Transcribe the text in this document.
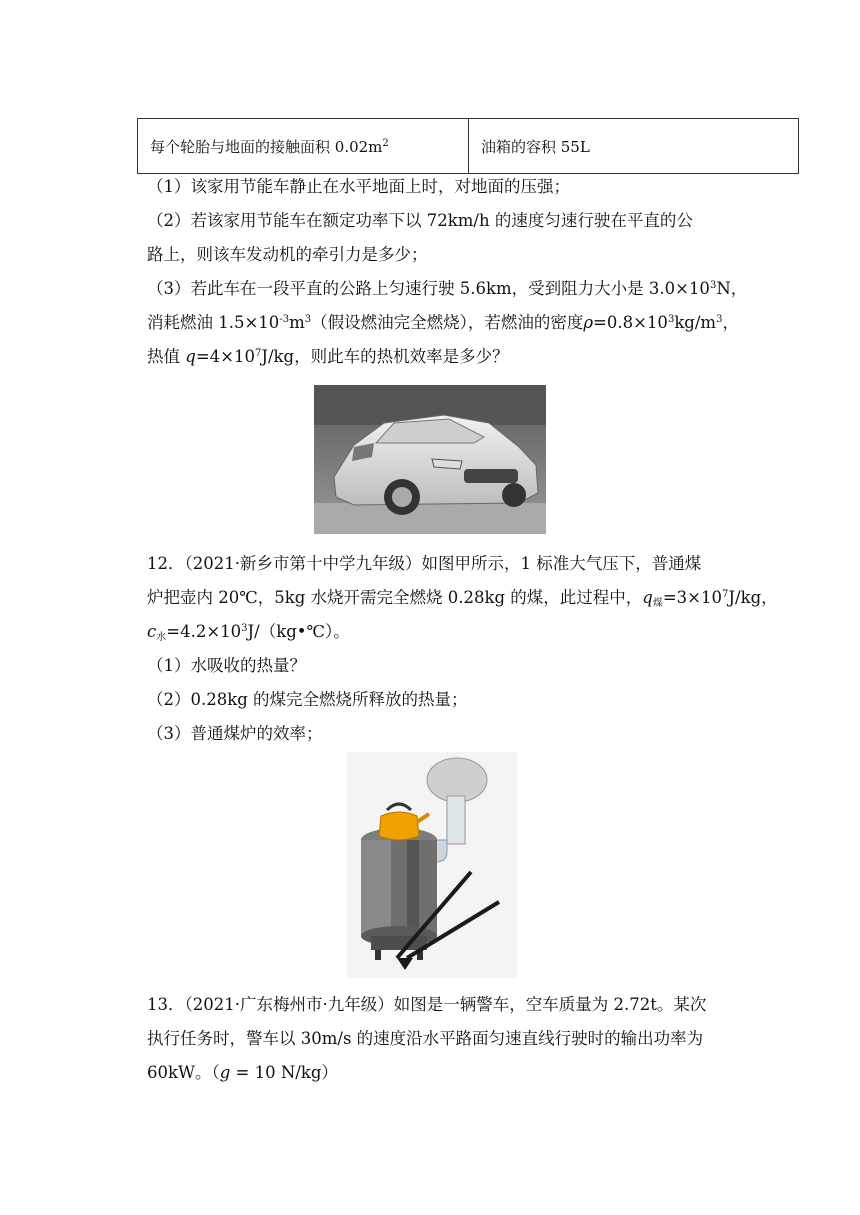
每个轮胎与地面的接触面积 $0.02m^2$	油箱的容积 55L
（1）该家用节能车静止在水平地面上时，对地面的压强；
（2）若该家用节能车在额定功率下以 72km/h 的速度匀速行驶在平直的公
路上，则该车发动机的牵引力是多少；
（3）若此车在一段平直的公路上匀速行驶 5.6km，受到阻力大小是 $3.0\times 10^3N$，
消耗燃油 $1.5\times 10^{-3}m^3$（假设燃油完全燃烧），若燃油的密度$\rho=0.8\times 10^3kg/m^3$，
热值 $q=4\times 10^7J/kg$，则此车的热机效率是多少？
12．（2021·新乡市第十中学九年级）如图甲所示，1 标准大气压下，普通煤
炉把壶内 20℃，5kg 水烧开需完全燃烧 0.28kg 的煤，此过程中，$q_煤=3\times 10^7J/kg$，
$c_水=4.2\times 10^3J/(kg•℃)$。
（1）水吸收的热量？
（2）0.28kg 的煤完全燃烧所释放的热量；
（3）普通煤炉的效率；
13．（2021·广东梅州市·九年级）如图是一辆警车，空车质量为 2.72t。某次
执行任务时，警车以 30m/s 的速度沿水平路面匀速直线行驶时的输出功率为
60kW。（g = 10 N/kg）
